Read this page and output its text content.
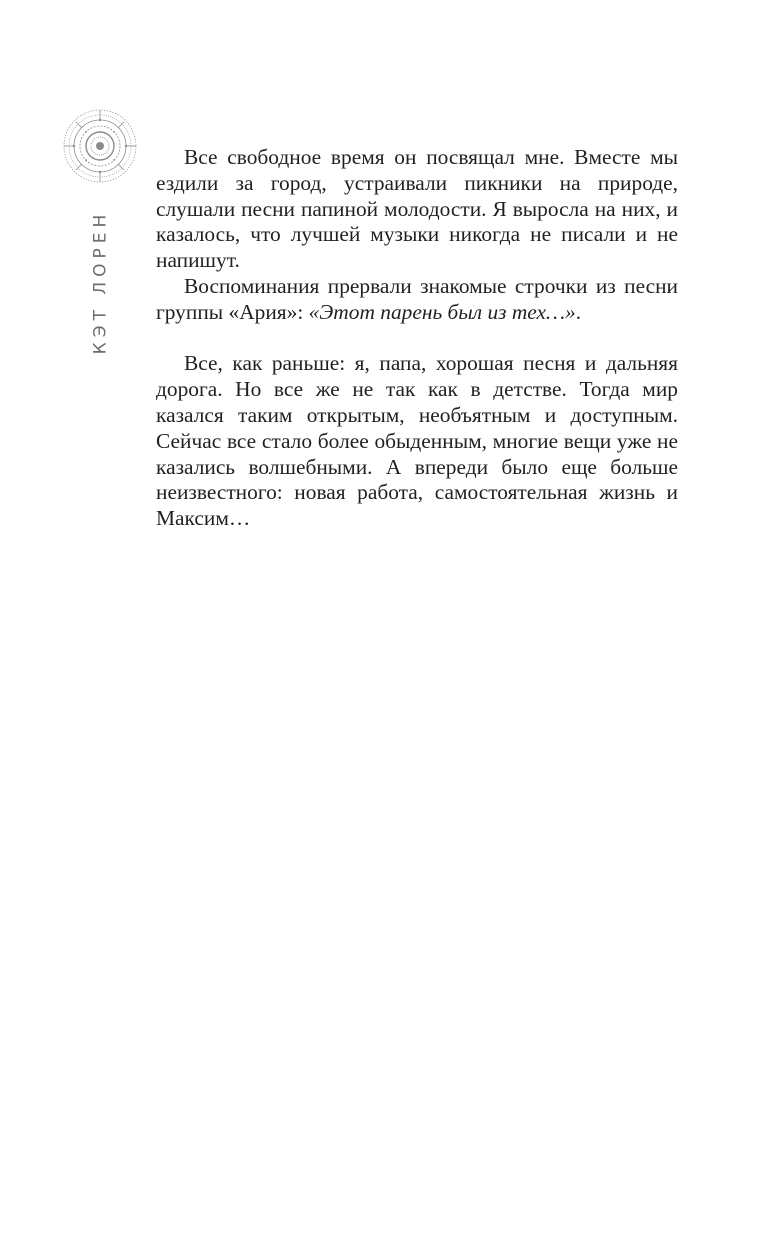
КЭТ ЛОРЕН

Все свободное время он посвящал мне. Вместе мы ездили за город, устраивали пикники на природе, слушали песни папиной молодости. Я выросла на них, и казалось, что лучшей музыки никогда не писали и не напишут.

Воспоминания прервали знакомые строчки из песни группы «Ария»: «Этот парень был из тех…».

Все, как раньше: я, папа, хорошая песня и дальняя дорога. Но все же не так как в детстве. Тогда мир казался таким открытым, необъятным и доступным. Сейчас все стало более обыденным, многие вещи уже не казались волшебными. А впереди было еще больше неизвестного: новая работа, самостоятельная жизнь и Максим…
